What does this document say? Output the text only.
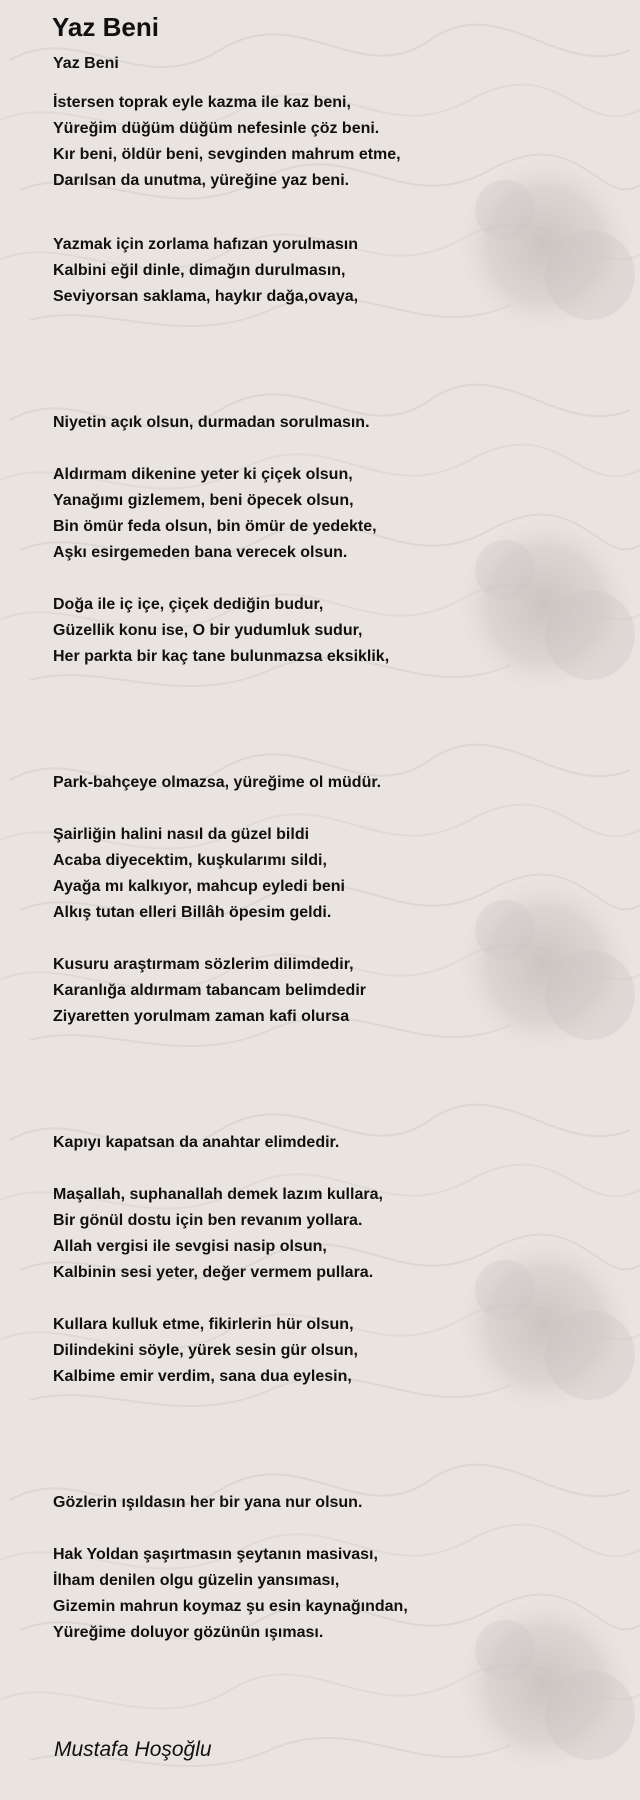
Yaz Beni
Yaz Beni
İstersen toprak eyle kazma ile kaz beni,
Yüreğim düğüm düğüm nefesinle çöz beni.
Kır beni, öldür beni, sevginden mahrum etme,
Darılsan da unutma, yüreğine yaz beni.
Yazmak için zorlama hafızan yorulmasın
Kalbini eğil dinle, dimağın durulmasın,
Seviyorsan saklama, haykır dağa,ovaya,
Niyetin açık olsun, durmadan sorulmasın.
Aldırmam dikenine yeter ki çiçek olsun,
Yanağımı gizlemem, beni öpecek olsun,
Bin ömür feda olsun, bin ömür de yedekte,
Aşkı esirgemeden bana verecek olsun.
Doğa ile iç içe, çiçek dediğin budur,
Güzellik konu ise, O bir yudumluk sudur,
Her parkta bir kaç tane bulunmazsa eksiklik,
Park-bahçeye olmazsa, yüreğime ol müdür.
Şairliğin halini nasıl da güzel bildi
Acaba diyecektim, kuşkularımı sildi,
Ayağa mı kalkıyor, mahcup eyledi beni
Alkış tutan elleri Billâh öpesim geldi.
Kusuru araştırmam sözlerim dilimdedir,
Karanlığa aldırmam tabancam belimdedir
Ziyaretten yorulmam zaman kafi olursa
Kapıyı kapatsan da anahtar elimdedir.
Maşallah, suphanallah demek lazım kullara,
Bir gönül dostu için ben revanım yollara.
Allah vergisi ile sevgisi nasip olsun,
Kalbinin sesi yeter, değer vermem pullara.
Kullara kulluk etme, fikirlerin hür olsun,
Dilindekini söyle, yürek sesin gür olsun,
Kalbime emir verdim, sana dua eylesin,
Gözlerin ışıldasın her bir yana nur olsun.
Hak Yoldan şaşırtmasın şeytanın masivası,
İlham denilen olgu güzelin yansıması,
Gizemin mahrun koymaz şu esin kaynağından,
Yüreğime doluyor gözünün ışıması.
Mustafa Hoşoğlu
